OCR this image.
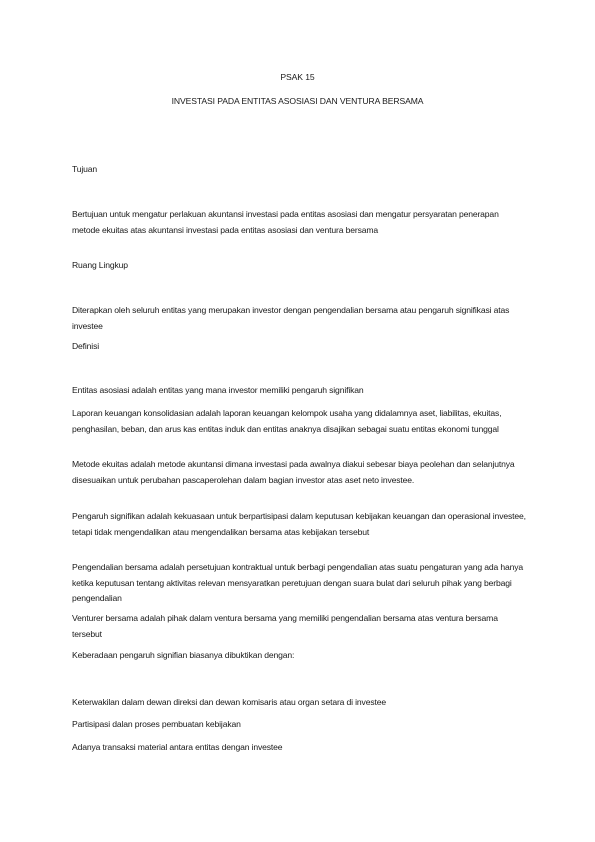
PSAK 15
INVESTASI PADA ENTITAS ASOSIASI DAN VENTURA BERSAMA

Tujuan

Bertujuan untuk mengatur perlakuan akuntansi investasi pada entitas asosiasi dan mengatur persyaratan penerapan metode ekuitas atas akuntansi investasi pada entitas asosiasi dan ventura bersama

Ruang Lingkup

Diterapkan oleh seluruh entitas yang merupakan investor dengan pengendalian bersama atau pengaruh signifikasi atas investee

Definisi

Entitas asosiasi adalah entitas yang mana investor memiliki pengaruh signifikan

Laporan keuangan konsolidasian adalah laporan keuangan kelompok usaha yang didalamnya aset, liabilitas, ekuitas, penghasilan, beban, dan arus kas entitas induk dan entitas anaknya disajikan sebagai suatu entitas ekonomi tunggal

Metode ekuitas adalah metode akuntansi dimana investasi pada awalnya diakui sebesar biaya peolehan dan selanjutnya disesuaikan untuk perubahan pascaperolehan dalam bagian investor atas aset neto investee.

Pengaruh signifikan adalah kekuasaan untuk berpartisipasi dalam keputusan kebijakan keuangan dan operasional investee, tetapi tidak mengendalikan atau mengendalikan bersama atas kebijakan tersebut

Pengendalian bersama adalah persetujuan kontraktual untuk berbagi pengendalian atas suatu pengaturan yang ada hanya ketika keputusan tentang aktivitas relevan mensyaratkan peretujuan dengan suara bulat dari seluruh pihak yang berbagi pengendalian

Venturer bersama adalah pihak dalam ventura bersama yang memiliki pengendalian bersama atas ventura bersama tersebut

Keberadaan pengaruh signifian biasanya dibuktikan dengan:

Keterwakilan dalam dewan direksi dan dewan komisaris atau organ setara di investee

Partisipasi dalan proses pembuatan kebijakan

Adanya transaksi material antara entitas dengan investee
